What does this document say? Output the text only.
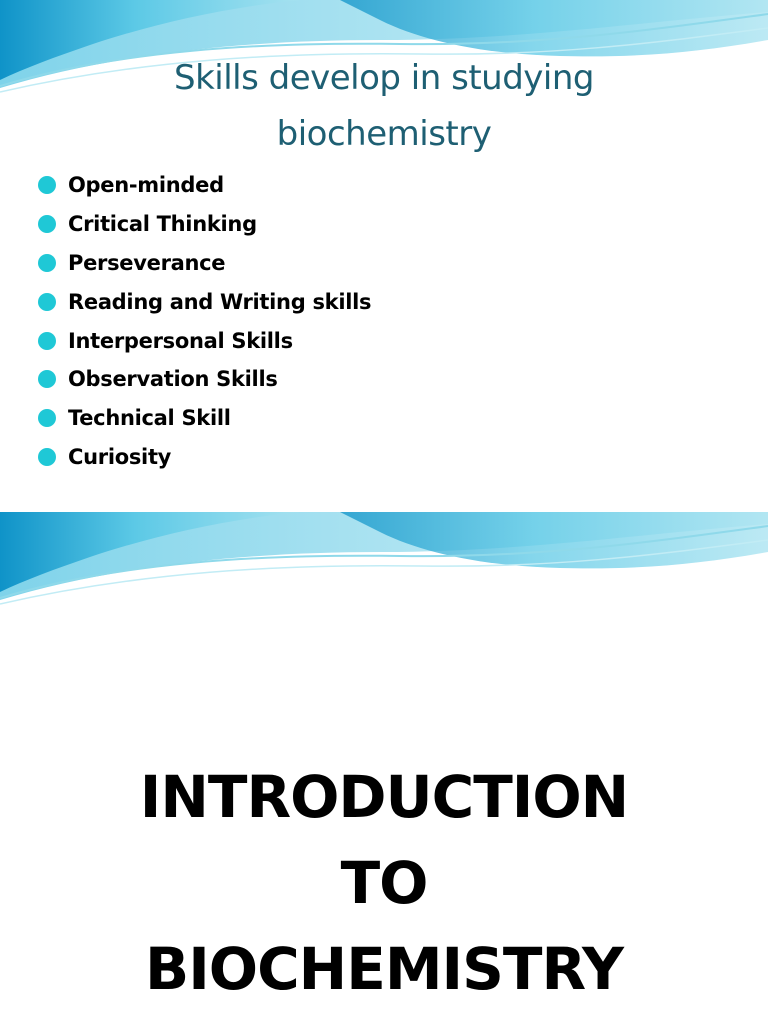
Skills develop in studying
biochemistry
Open-minded
Critical Thinking
Perseverance
Reading and Writing skills
Interpersonal Skills
Observation Skills
Technical Skill
Curiosity
INTRODUCTION
TO
BIOCHEMISTRY
